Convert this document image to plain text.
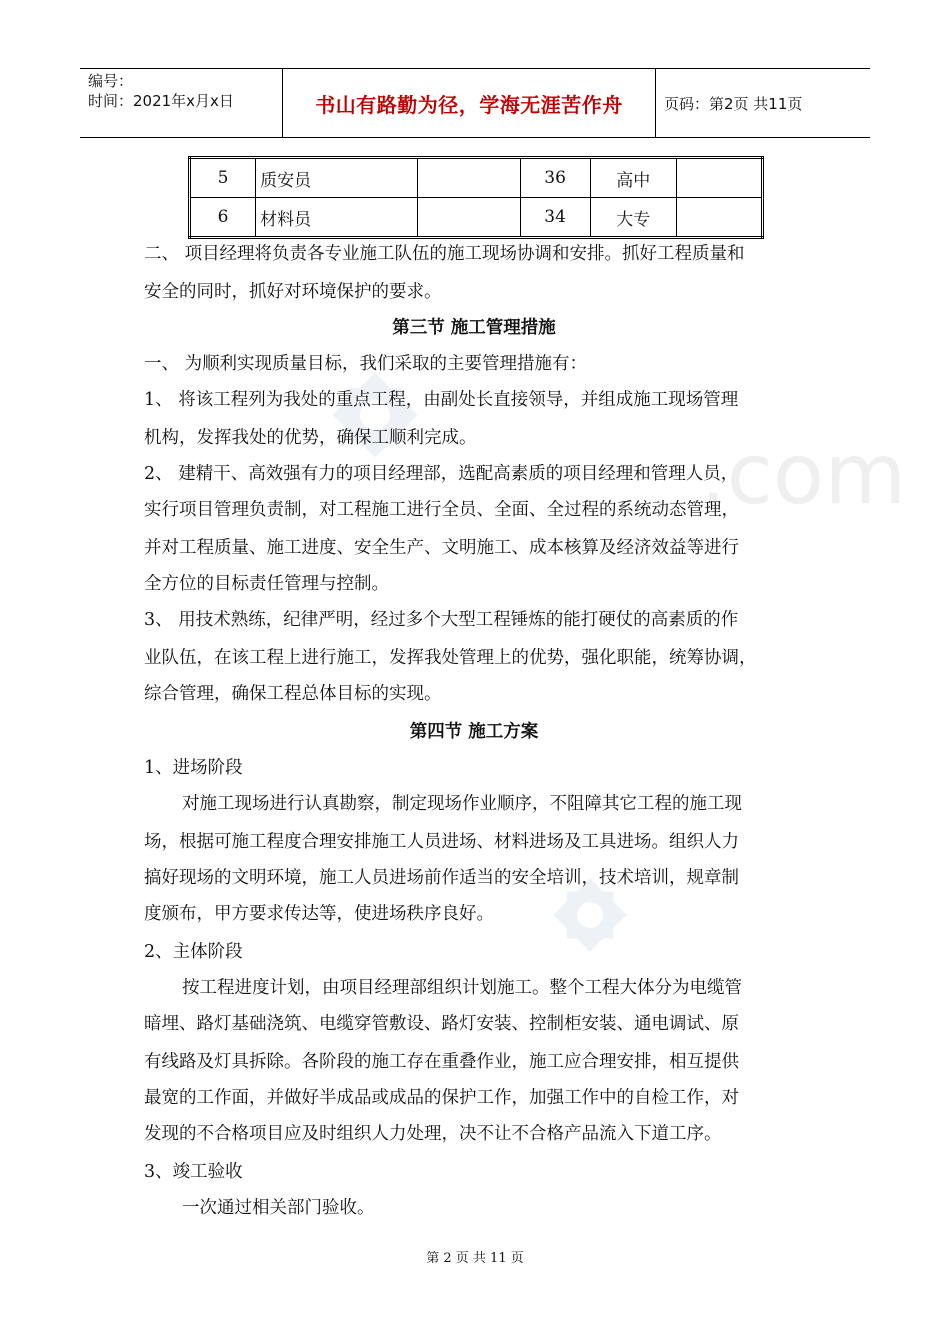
.com
编号：
时间：2021年x月x日	书山有路勤为径，学海无涯苦作舟	页码：第2页 共11页
5	质安员		36	高中	
6	材料员		34	大专	
二、 项目经理将负责各专业施工队伍的施工现场协调和安排。抓好工程质量和
安全的同时，抓好对环境保护的要求。
第三节 施工管理措施
一、 为顺利实现质量目标，我们采取的主要管理措施有：
1、 将该工程列为我处的重点工程，由副处长直接领导，并组成施工现场管理
机构，发挥我处的优势，确保工顺利完成。
2、 建精干、高效强有力的项目经理部，选配高素质的项目经理和管理人员，
实行项目管理负责制，对工程施工进行全员、全面、全过程的系统动态管理，
并对工程质量、施工进度、安全生产、文明施工、成本核算及经济效益等进行
全方位的目标责任管理与控制。
3、 用技术熟练，纪律严明，经过多个大型工程锤炼的能打硬仗的高素质的作
业队伍，在该工程上进行施工，发挥我处管理上的优势，强化职能，统筹协调，
综合管理，确保工程总体目标的实现。
第四节 施工方案
1、进场阶段
对施工现场进行认真勘察，制定现场作业顺序，不阻障其它工程的施工现
场，根据可施工程度合理安排施工人员进场、材料进场及工具进场。组织人力
搞好现场的文明环境，施工人员进场前作适当的安全培训，技术培训，规章制
度颁布，甲方要求传达等，使进场秩序良好。
2、主体阶段
按工程进度计划，由项目经理部组织计划施工。整个工程大体分为电缆管
暗埋、路灯基础浇筑、电缆穿管敷设、路灯安装、控制柜安装、通电调试、原
有线路及灯具拆除。各阶段的施工存在重叠作业，施工应合理安排，相互提供
最宽的工作面，并做好半成品或成品的保护工作，加强工作中的自检工作，对
发现的不合格项目应及时组织人力处理，决不让不合格产品流入下道工序。
3、竣工验收
一次通过相关部门验收。
第 2 页 共 11 页
